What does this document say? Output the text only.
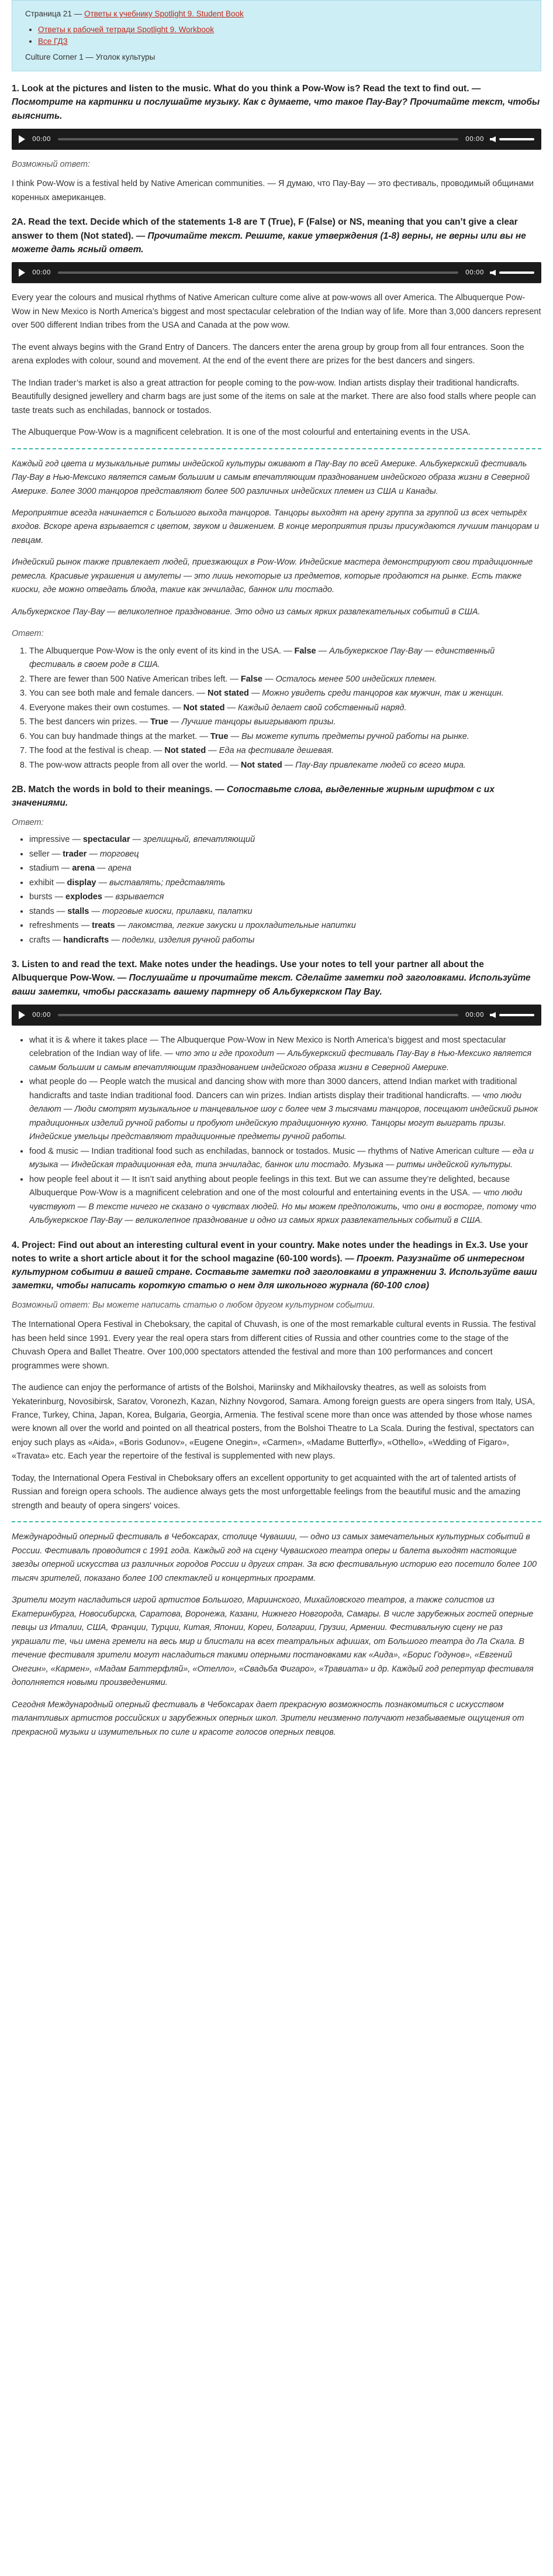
Страница 21 — Ответы к учебнику Spotlight 9. Student Book
• Ответы к рабочей тетради Spotlight 9. Workbook
• Все ГДЗ
Culture Corner 1 — Уголок культуры
1. Look at the pictures and listen to the music. What do you think a Pow-Wow is? Read the text to find out. — Посмотрите на картинки и послушайте музыку. Как с думаете, что такое Пау-Вау? Прочитайте текст, чтобы выяснить.
00:00	00:00
Возможный ответ:

I think Pow-Wow is a festival held by Native American communities. — Я думаю, что Пау-Вау — это фестиваль, проводимый общинами коренных американцев.

2A. Read the text. Decide which of the statements 1-8 are T (True), F (False) or NS, meaning that you can’t give a clear answer to them (Not stated). — Прочитайте текст. Решите, какие утверждения (1-8) верны, не верны или вы не можете дать ясный ответ.
00:00	00:00

Every year the colours and musical rhythms of Native American culture come alive at pow-wows all over America. The Albuquerque Pow-Wow in New Mexico is North America’s biggest and most spectacular celebration of the Indian way of life. More than 3,000 dancers represent over 500 different Indian tribes from the USA and Canada at the pow wow.

The event always begins with the Grand Entry of Dancers. The dancers enter the arena group by group from all four entrances. Soon the arena explodes with colour, sound and movement. At the end of the event there are prizes for the best dancers and singers.

The Indian trader’s market is also a great attraction for people coming to the pow-wow. Indian artists display their traditional handicrafts. Beautifully designed jewellery and charm bags are just some of the items on sale at the market. There are also food stalls where people can taste treats such as enchiladas, bannock or tostados.

The Albuquerque Pow-Wow is a magnificent celebration. It is one of the most colourful and entertaining events in the USA.

Каждый год цвета и музыкальные ритмы индейской культуры оживают в Пау-Вау по всей Америке. Альбукеркский фестиваль Пау-Вау в Нью-Мексико является самым большим и самым впечатляющим празднованием индейского образа жизни в Северной Америке. Более 3000 танцоров представляют более 500 различных индейских племен из США и Канады.

Мероприятие всегда начинается с Большого выхода танцоров. Танцоры выходят на арену группа за группой из всех четырёх входов. Вскоре арена взрывается с цветом, звуком и движением. В конце мероприятия призы присуждаются лучшим танцорам и певцам.

Индейский рынок также привлекает людей, приезжающих в Pow-Wow. Индейские мастера демонстрируют свои традиционные ремесла. Красивые украшения и амулеты — это лишь некоторые из предметов, которые продаются на рынке. Есть также киоски, где можно отведать блюда, такие как энчиладас, баннок или тостадо.

Альбукеркское Пау-Вау — великолепное празднование. Это одно из самых ярких развлекательных событий в США.

Ответ:
1. The Albuquerque Pow-Wow is the only event of its kind in the USA. — False — Альбукеркское Пау-Вау — единственный фестиваль в своем роде в США.
2. There are fewer than 500 Native American tribes left. — False — Осталось менее 500 индейских племен.
3. You can see both male and female dancers. — Not stated — Можно увидеть среди танцоров как мужчин, так и женщин.
4. Everyone makes their own costumes. — Not stated — Каждый делает свой собственный наряд.
5. The best dancers win prizes. — True — Лучшие танцоры выигрывают призы.
6. You can buy handmade things at the market. — True — Вы можете купить предметы ручной работы на рынке.
7. The food at the festival is cheap. — Not stated — Еда на фестивале дешевая.
8. The pow-wow attracts people from all over the world. — Not stated — Пау-Вау привлекате людей со всего мира.
2B. Match the words in bold to their meanings. — Сопоставьте слова, выделенные жирным шрифтом с их значениями.
Ответ:
• impressive — spectacular — зрелищный, впечатляющий
• seller — trader — торговец
• stadium — arena — арена
• exhibit — display — выставлять; представлять
• bursts — explodes — взрывается
• stands — stalls — торговые киоски, прилавки, палатки
• refreshments — treats — лакомства, легкие закуски и прохладительные напитки
• crafts — handicrafts — поделки, изделия ручной работы
3. Listen to and read the text. Make notes under the headings. Use your notes to tell your partner all about the Albuquerque Pow-Wow. — Послушайте и прочитайте текст. Сделайте заметки под заголовками. Используйте ваши заметки, чтобы рассказать вашему партнеру об Альбукеркском Пау Вау.
00:00	00:00
• what it is & where it takes place — The Albuquerque Pow-Wow in New Mexico is North America’s biggest and most spectacular celebration of the Indian way of life. — что это и где проходит — Альбукеркский фестиваль Пау-Вау в Нью-Мексико является самым большим и самым впечатляющим празднованием индейского образа жизни в Северной Америке.
• what people do — People watch the musical and dancing show with more than 3000 dancers, attend Indian market with traditional handicrafts and taste Indian traditional food. Dancers can win prizes. Indian artists display their traditional handicrafts. — что люди делают — Люди смотрят музыкальное и танцевальное шоу с более чем 3 тысячами танцоров, посещают индейский рынок традиционных изделий ручной работы и пробуют индейскую традиционную кухню. Танцоры могут выиграть призы. Индейские умельцы представляют традиционные предметы ручной работы.
• food & music — Indian traditional food such as enchiladas, bannock or tostados. Music — rhythms of Native American culture — еда и музыка — Индейская традиционная еда, типа энчиладас, баннок или тостадо. Музыка — ритмы индейской культуры.
• how people feel about it — It isn’t said anything about people feelings in this text. But we can assume they’re delighted, because Albuquerque Pow-Wow is a magnificent celebration and one of the most colourful and entertaining events in the USA. — что люди чувствуют — В тексте ничего не сказано о чувствах людей. Но мы можем предположить, что они в восторге, потому что Альбукеркское Пау-Вау — великолепное празднование и одно из самых ярких развлекательных событий в США.
4. Project: Find out about an interesting cultural event in your country. Make notes under the headings in Ex.3. Use your notes to write a short article about it for the school magazine (60-100 words). — Проект. Разузнайте об интересном культурном событии в вашей стране. Составьте заметки под заголовками в упражнении 3. Используйте ваши заметки, чтобы написать короткую статью о нем для школьного журнала (60-100 слов)
Возможный ответ: Вы можете написать статью о любом другом культурном событии.

The International Opera Festival in Cheboksary, the capital of Chuvash, is one of the most remarkable cultural events in Russia. The festival has been held since 1991. Every year the real opera stars from different cities of Russia and other countries come to the stage of the Chuvash Opera and Ballet Theatre. Over 100,000 spectators attended the festival and more than 100 performances and concert programmes were shown.

The audience can enjoy the performance of artists of the Bolshoi, Mariinsky and Mikhailovsky theatres, as well as soloists from Yekaterinburg, Novosibirsk, Saratov, Voronezh, Kazan, Nizhny Novgorod, Samara. Among foreign guests are opera singers from Italy, USA, France, Turkey, China, Japan, Korea, Bulgaria, Georgia, Armenia. The festival scene more than once was attended by those whose names were known all over the world and pointed on all theatrical posters, from the Bolshoi Theatre to La Scala. During the festival, spectators can enjoy such plays as «Aida», «Boris Godunov», «Eugene Onegin», «Carmen», «Madame Butterfly», «Othello», «Wedding of Figaro», «Travata» etc. Each year the repertoire of the festival is supplemented with new plays.

Today, the International Opera Festival in Cheboksary offers an excellent opportunity to get acquainted with the art of talented artists of Russian and foreign opera schools. The audience always gets the most unforgettable feelings from the beautiful music and the amazing strength and beauty of opera singers' voices.

Международный оперный фестиваль в Чебоксарах, столице Чувашии, — одно из самых замечательных культурных событий в России. Фестиваль проводится с 1991 года. Каждый год на сцену Чувашского театра оперы и балета выходят настоящие звезды оперной искусства из различных городов России и других стран. За всю фестивальную историю его посетило более 100 тысяч зрителей, показано более 100 спектаклей и концертных программ.

Зрители могут насладиться игрой артистов Большого, Мариинского, Михайловского театров, а также солистов из Екатеринбурга, Новосибирска, Саратова, Воронежа, Казани, Нижнего Новгорода, Самары. В числе зарубежных гостей оперные певцы из Италии, США, Франции, Турции, Китая, Японии, Кореи, Болгарии, Грузии, Армении. Фестивальную сцену не раз украшали те, чьи имена гремели на весь мир и блистали на всех театральных афишах, от Большого театра до Ла Скала. В течение фестиваля зрители могут насладиться такими оперными постановками как «Аида», «Борис Годунов», «Евгений Онегин», «Кармен», «Мадам Баттерфляй», «Отелло», «Свадьба Фигаро», «Травиата» и др. Каждый год репертуар фестиваля дополняется новыми произведениями.

Сегодня Международный оперный фестиваль в Чебоксарах дает прекрасную возможность познакомиться с искусством талантливых артистов российских и зарубежных оперных школ. Зрители неизменно получают незабываемые ощущения от прекрасной музыки и изумительных по силе и красоте голосов оперных певцов.
